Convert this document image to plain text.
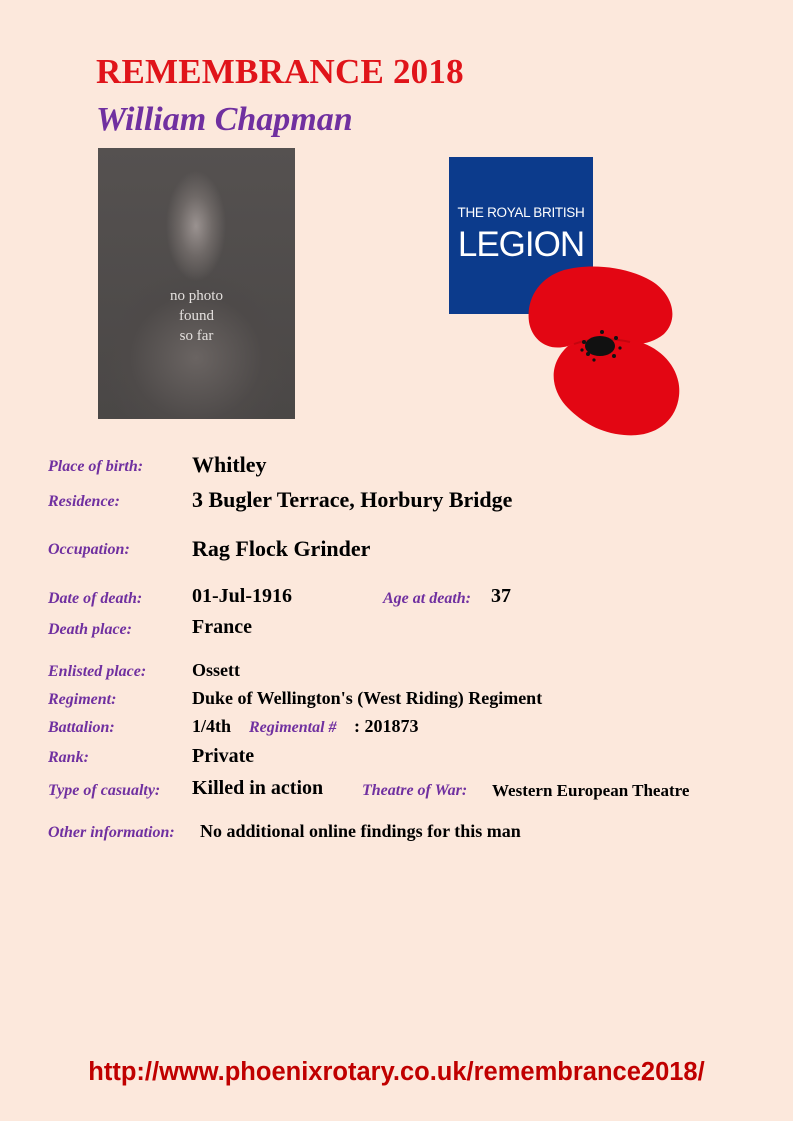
REMEMBRANCE 2018
William Chapman
no photo
found
so far
THE ROYAL BRITISH
LEGION
Place of birth: Whitley
Residence:	3 Bugler Terrace, Horbury Bridge
Occupation:	Rag Flock Grinder
Date of death: 01-Jul-1916	Age at death: 37
Death place:	France
Enlisted place:	Ossett
Regiment:	Duke of Wellington's (West Riding) Regiment
Battalion:	1/4th Regimental # : 201873
Rank:	Private
Type of casualty: Killed in action Theatre of War: Western European Theatre
Other information: No additional online findings for this man
http://www.phoenixrotary.co.uk/remembrance2018/
